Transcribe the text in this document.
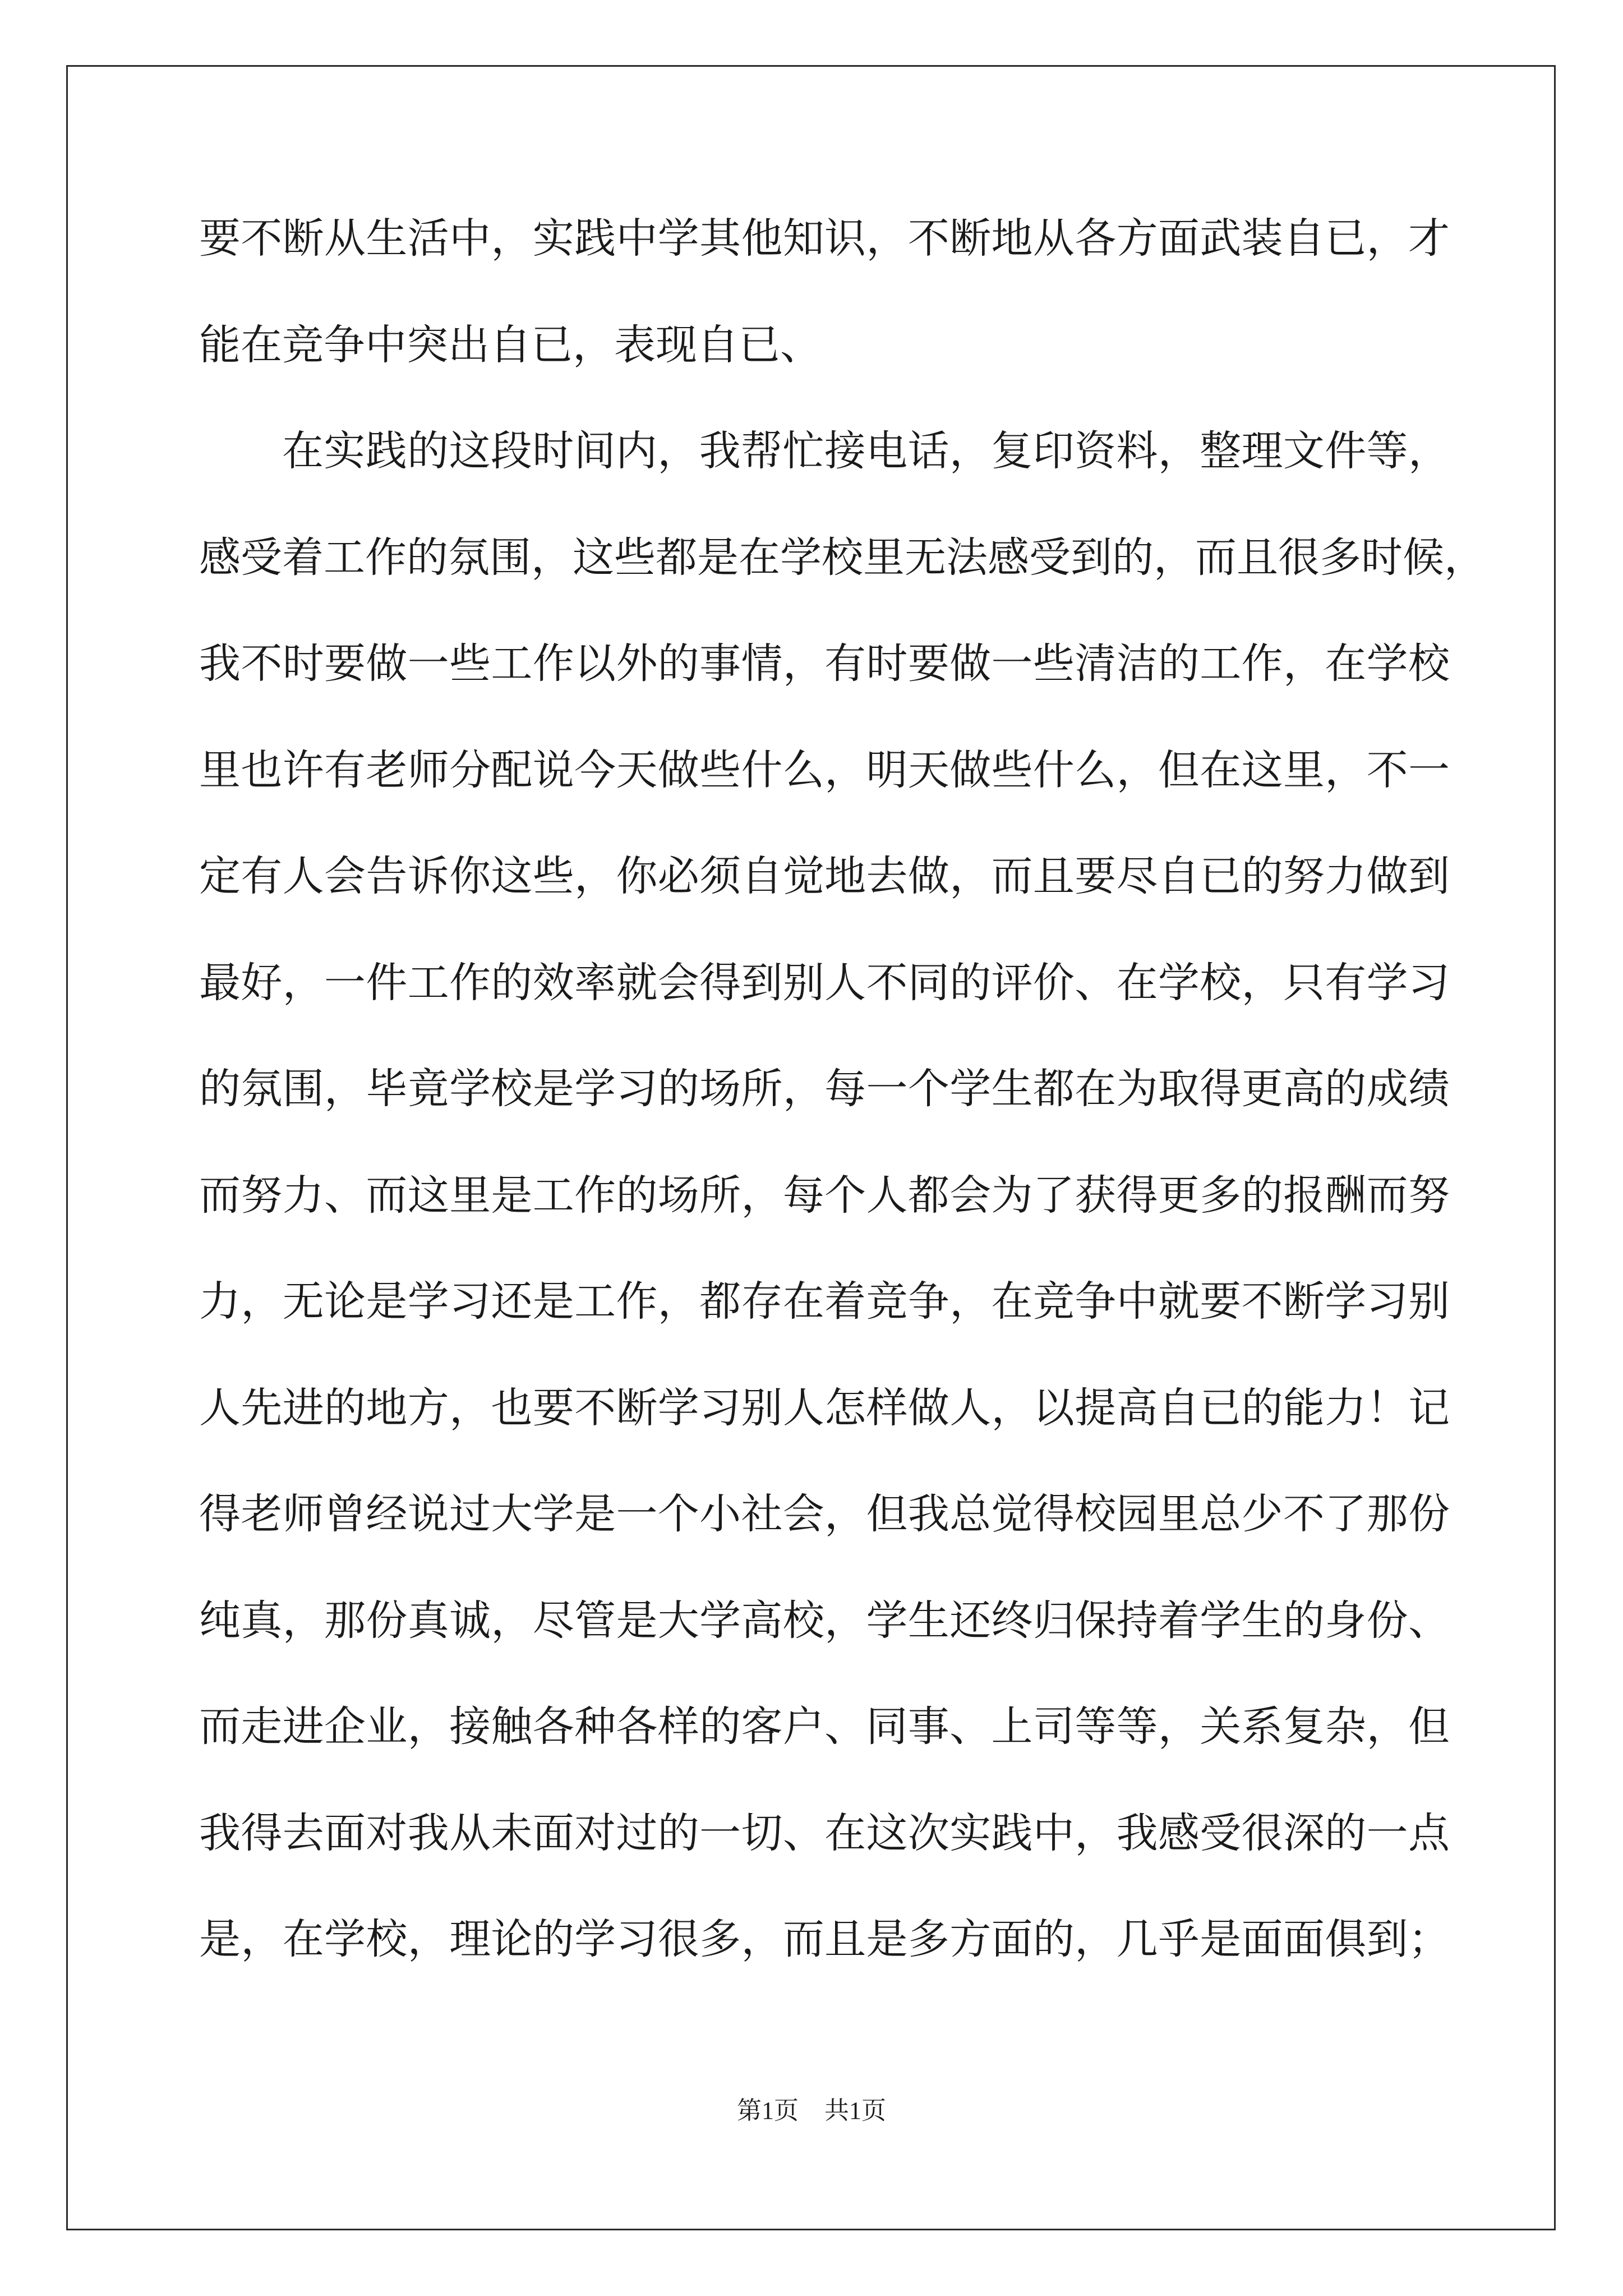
要不断从生活中，实践中学其他知识，不断地从各方面武装自已，才
能在竞争中突出自已，表现自已、
在实践的这段时间内，我帮忙接电话，复印资料，整理文件等，
感受着工作的氛围，这些都是在学校里无法感受到的，而且很多时候，
我不时要做一些工作以外的事情，有时要做一些清洁的工作，在学校
里也许有老师分配说今天做些什么，明天做些什么，但在这里，不一
定有人会告诉你这些，你必须自觉地去做，而且要尽自已的努力做到
最好，一件工作的效率就会得到别人不同的评价、在学校，只有学习
的氛围，毕竟学校是学习的场所，每一个学生都在为取得更高的成绩
而努力、而这里是工作的场所，每个人都会为了获得更多的报酬而努
力，无论是学习还是工作，都存在着竞争，在竞争中就要不断学习别
人先进的地方，也要不断学习别人怎样做人，以提高自已的能力！记
得老师曾经说过大学是一个小社会，但我总觉得校园里总少不了那份
纯真，那份真诚，尽管是大学高校，学生还终归保持着学生的身份、
而走进企业，接触各种各样的客户、同事、上司等等，关系复杂，但
我得去面对我从未面对过的一切、在这次实践中，我感受很深的一点
是，在学校，理论的学习很多，而且是多方面的，几乎是面面俱到；
第1页 共1页
